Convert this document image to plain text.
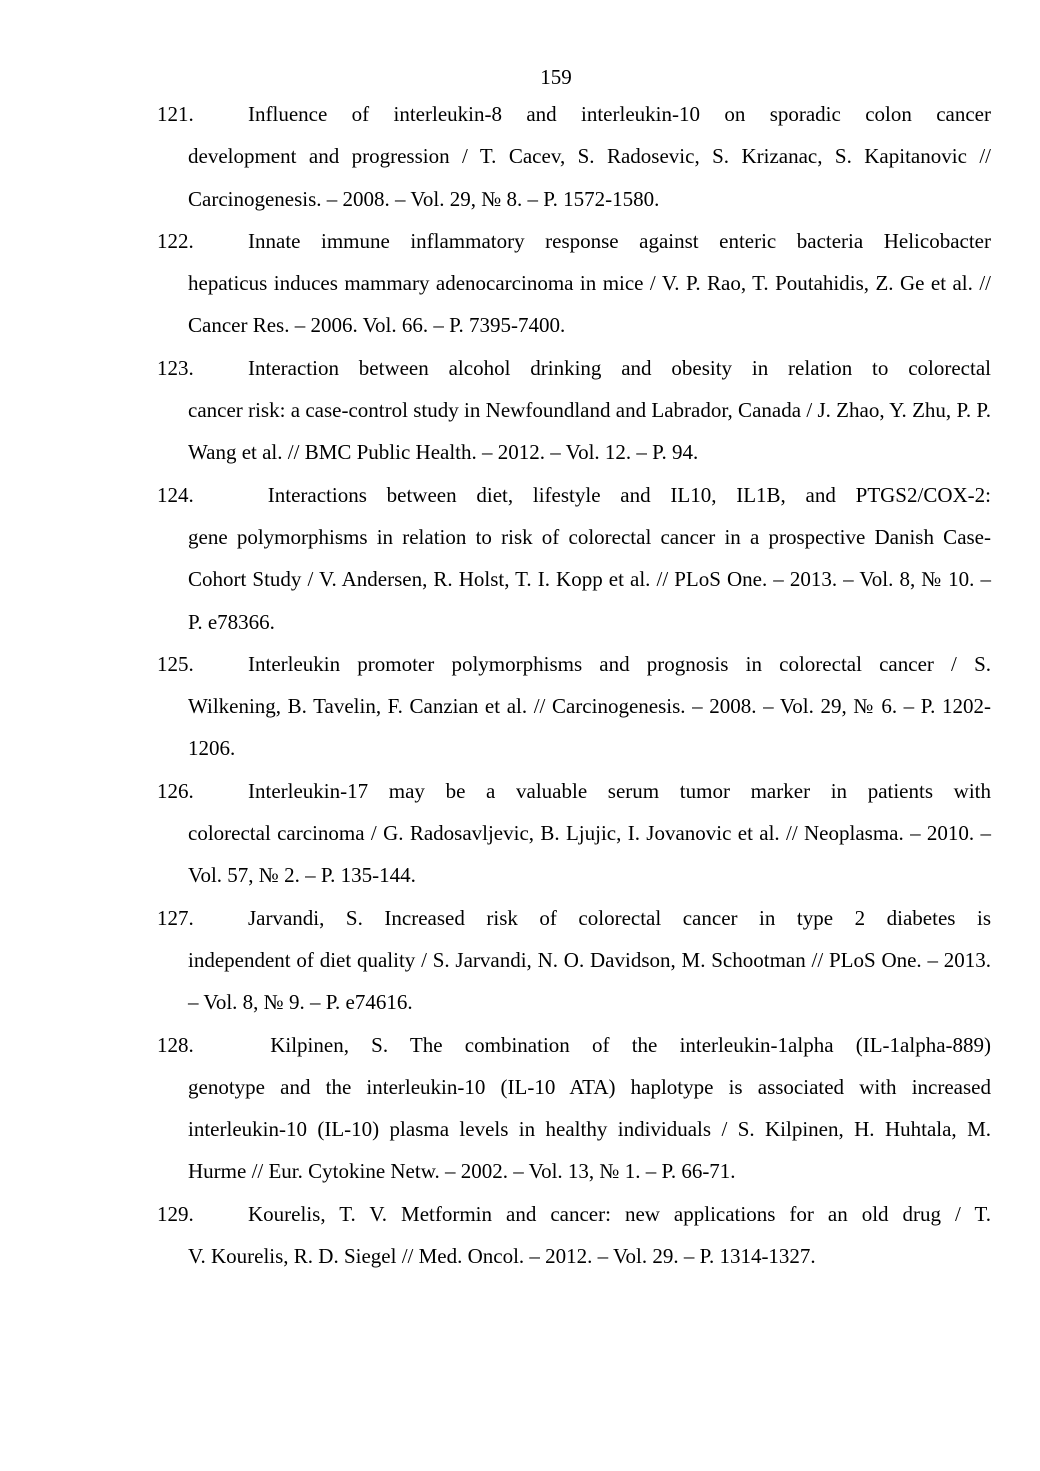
159
121.	Influence of interleukin-8 and interleukin-10 on sporadic colon cancer
development and progression / T. Cacev, S. Radosevic, S. Krizanac, S. Kapitanovic // Carcinogenesis. – 2008. – Vol. 29, № 8. – P. 1572-1580.
122.	Innate immune inflammatory response against enteric bacteria Helicobacter
hepaticus induces mammary adenocarcinoma in mice / V. P. Rao, T. Poutahidis, Z. Ge et al. // Cancer Res. – 2006. Vol. 66. – P. 7395-7400.
123.	Interaction between alcohol drinking and obesity in relation to colorectal
cancer risk: a case-control study in Newfoundland and Labrador, Canada / J. Zhao, Y. Zhu, P. P. Wang et al. // BMC Public Health. – 2012. – Vol. 12. – P. 94.
124.	Interactions between diet, lifestyle and IL10, IL1B, and PTGS2/COX-2:
gene polymorphisms in relation to risk of colorectal cancer in a prospective Danish Case-Cohort Study / V. Andersen, R. Holst, T. I. Kopp et al. // PLoS One. – 2013. – Vol. 8, № 10. – P. e78366.
125.	Interleukin promoter polymorphisms and prognosis in colorectal cancer / S.
Wilkening, B. Tavelin, F. Canzian et al. // Carcinogenesis. – 2008. – Vol. 29, № 6. – P. 1202-1206.
126.	Interleukin-17 may be a valuable serum tumor marker in patients with
colorectal carcinoma / G. Radosavljevic, B. Ljujic, I. Jovanovic et al. // Neoplasma. – 2010. – Vol. 57, № 2. – P. 135-144.
127.	Jarvandi, S. Increased risk of colorectal cancer in type 2 diabetes is
independent of diet quality / S. Jarvandi, N. O. Davidson, M. Schootman // PLoS One. – 2013. – Vol. 8, № 9. – P. e74616.
128.	Kilpinen, S. The combination of the interleukin-1alpha (IL-1alpha-889)
genotype and the interleukin-10 (IL-10 ATA) haplotype is associated with increased interleukin-10 (IL-10) plasma levels in healthy individuals / S. Kilpinen, H. Huhtala, M. Hurme // Eur. Cytokine Netw. – 2002. – Vol. 13, № 1. – P. 66-71.
129.	Kourelis, T. V. Metformin and cancer: new applications for an old drug / T.
V. Kourelis, R. D. Siegel // Med. Oncol. – 2012. – Vol. 29. – P. 1314-1327.
